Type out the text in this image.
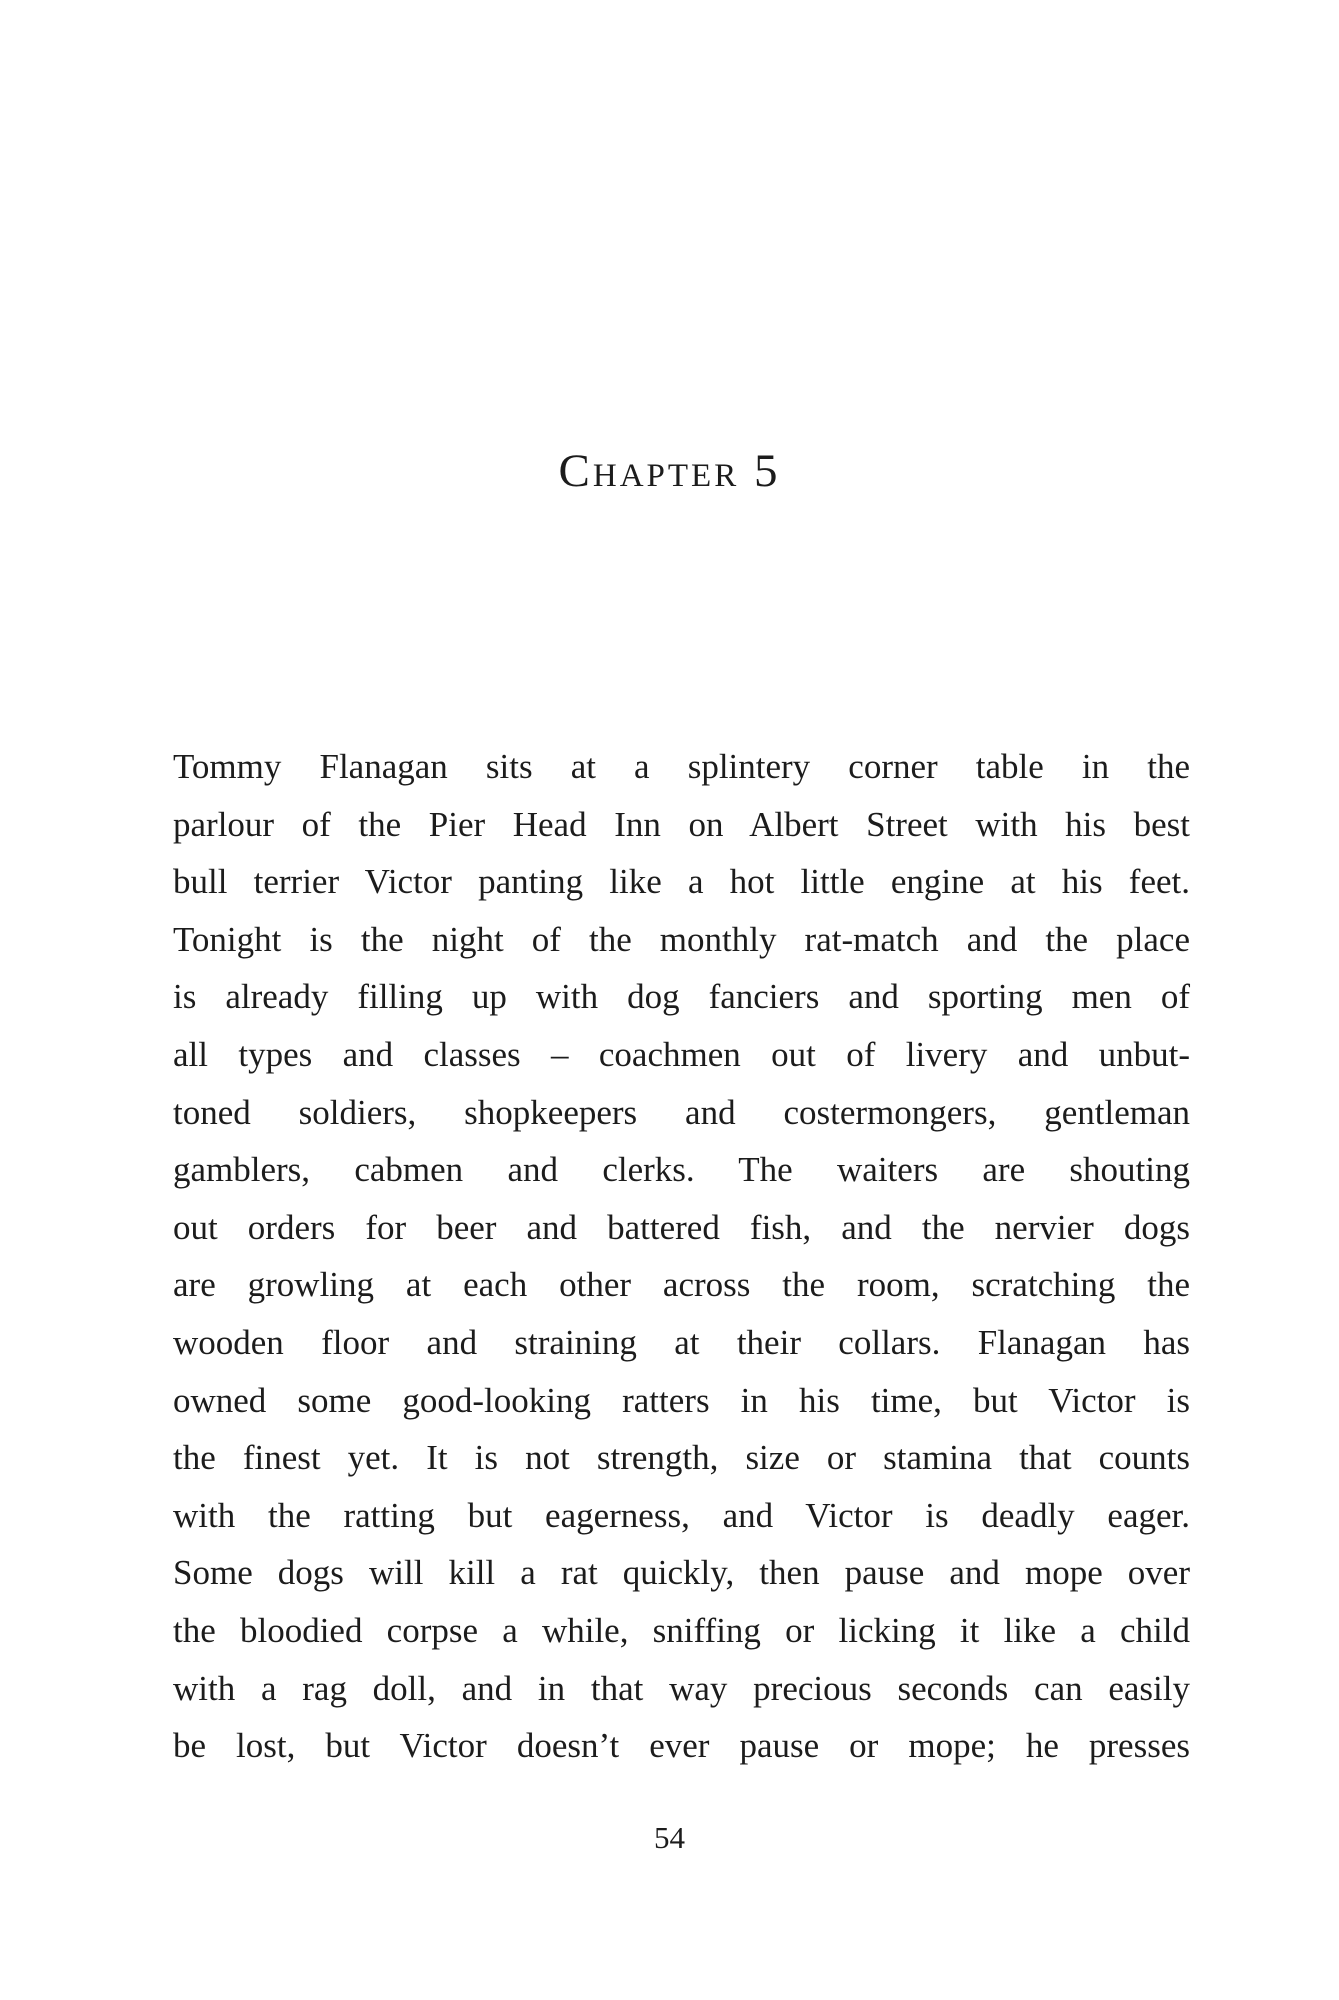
Chapter 5
Tommy Flanagan sits at a splintery corner table in the
parlour of the Pier Head Inn on Albert Street with his best
bull terrier Victor panting like a hot little engine at his feet.
Tonight is the night of the monthly rat-match and the place
is already filling up with dog fanciers and sporting men of
all types and classes – coachmen out of livery and unbut-
toned soldiers, shopkeepers and costermongers, gentleman
gamblers, cabmen and clerks. The waiters are shouting
out orders for beer and battered fish, and the nervier dogs
are growling at each other across the room, scratching the
wooden floor and straining at their collars. Flanagan has
owned some good-looking ratters in his time, but Victor is
the finest yet. It is not strength, size or stamina that counts
with the ratting but eagerness, and Victor is deadly eager.
Some dogs will kill a rat quickly, then pause and mope over
the bloodied corpse a while, sniffing or licking it like a child
with a rag doll, and in that way precious seconds can easily
be lost, but Victor doesn’t ever pause or mope; he presses
54
